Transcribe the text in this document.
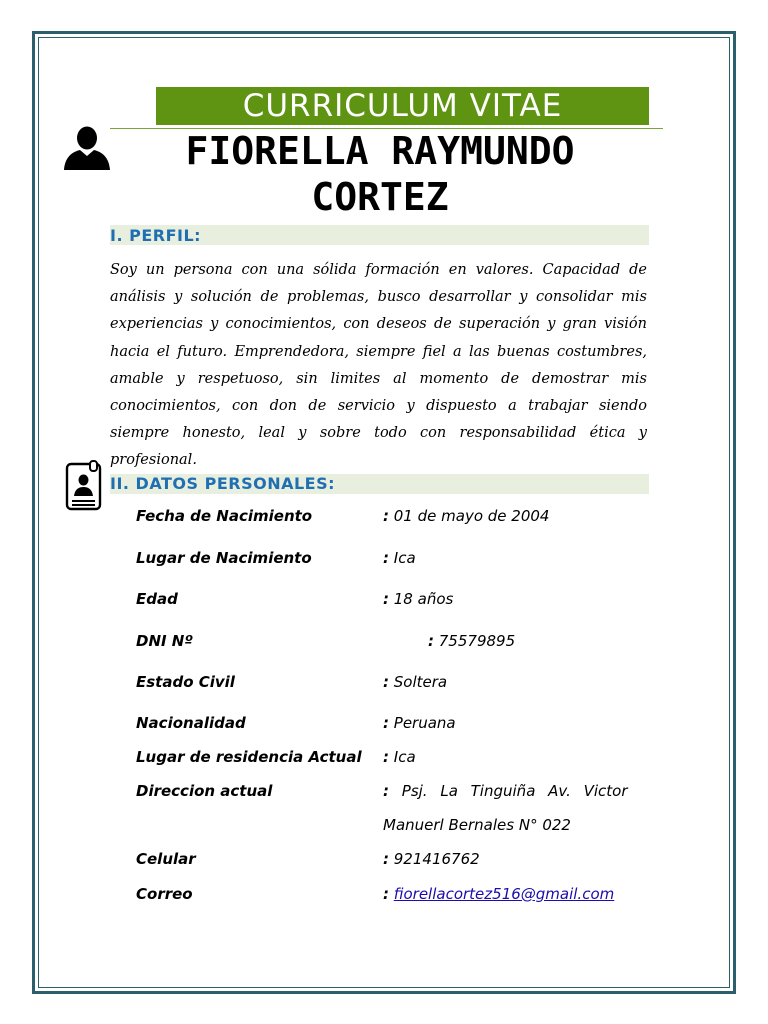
CURRICULUM VITAE
FIORELLA RAYMUNDO
CORTEZ
I. PERFIL:
Soy un persona con una sólida formación en valores. Capacidad de análisis y solución de problemas, busco desarrollar y consolidar mis experiencias y conocimientos, con deseos de superación y gran visión hacia el futuro. Emprendedora, siempre fiel a las buenas costumbres, amable y respetuoso, sin limites al momento de demostrar mis conocimientos, con don de servicio y dispuesto a trabajar siendo siempre honesto, leal y sobre todo con responsabilidad ética y profesional.
II. DATOS PERSONALES:
Fecha de Nacimiento	: 01 de mayo de 2004
Lugar de Nacimiento	: Ica
Edad	: 18 años
DNI Nº	: 75579895
Estado Civil	: Soltera
Nacionalidad	: Peruana
Lugar de residencia Actual : Ica
Direccion actual	: Psj. La Tinguiña Av. Victor
Manuerl Bernales N° 022
Celular	: 921416762
Correo	: fiorellacortez516@gmail.com
